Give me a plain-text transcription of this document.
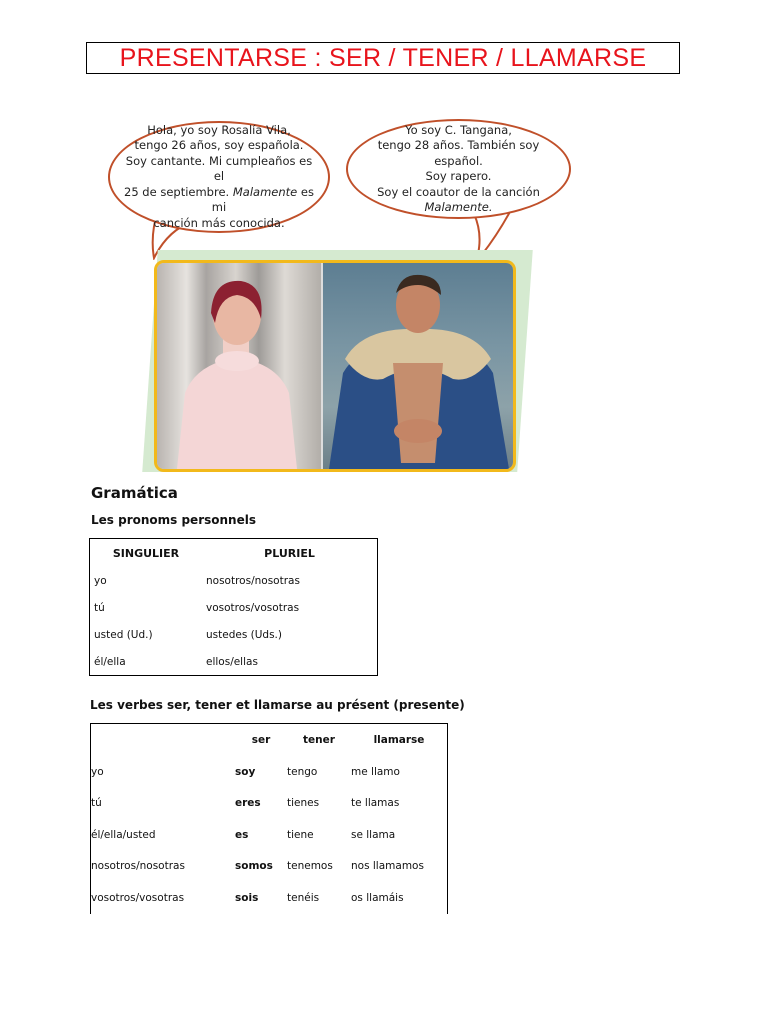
PRESENTARSE : SER / TENER / LLAMARSE
Hola, yo soy Rosalía Vila,
tengo 26 años, soy española.
Soy cantante. Mi cumpleaños es el
25 de septiembre. Malamente es mi
canción más conocida.
Yo soy C. Tangana,
tengo 28 años. También soy español.
Soy rapero.
Soy el coautor de la canción
Malamente.
Gramática
Les pronoms personnels
SINGULIER	PLURIEL
yo	nosotros/nosotras
tú	vosotros/vosotras
usted (Ud.)	ustedes (Uds.)
él/ella	ellos/ellas
Les verbes ser, tener et llamarse au présent (presente)
	ser	tener	llamarse
yo	soy	tengo	me llamo
tú	eres	tienes	te llamas
él/ella/usted	es	tiene	se llama
nosotros/nosotras	somos	tenemos	nos llamamos
vosotros/vosotras	sois	tenéis	os llamáis
